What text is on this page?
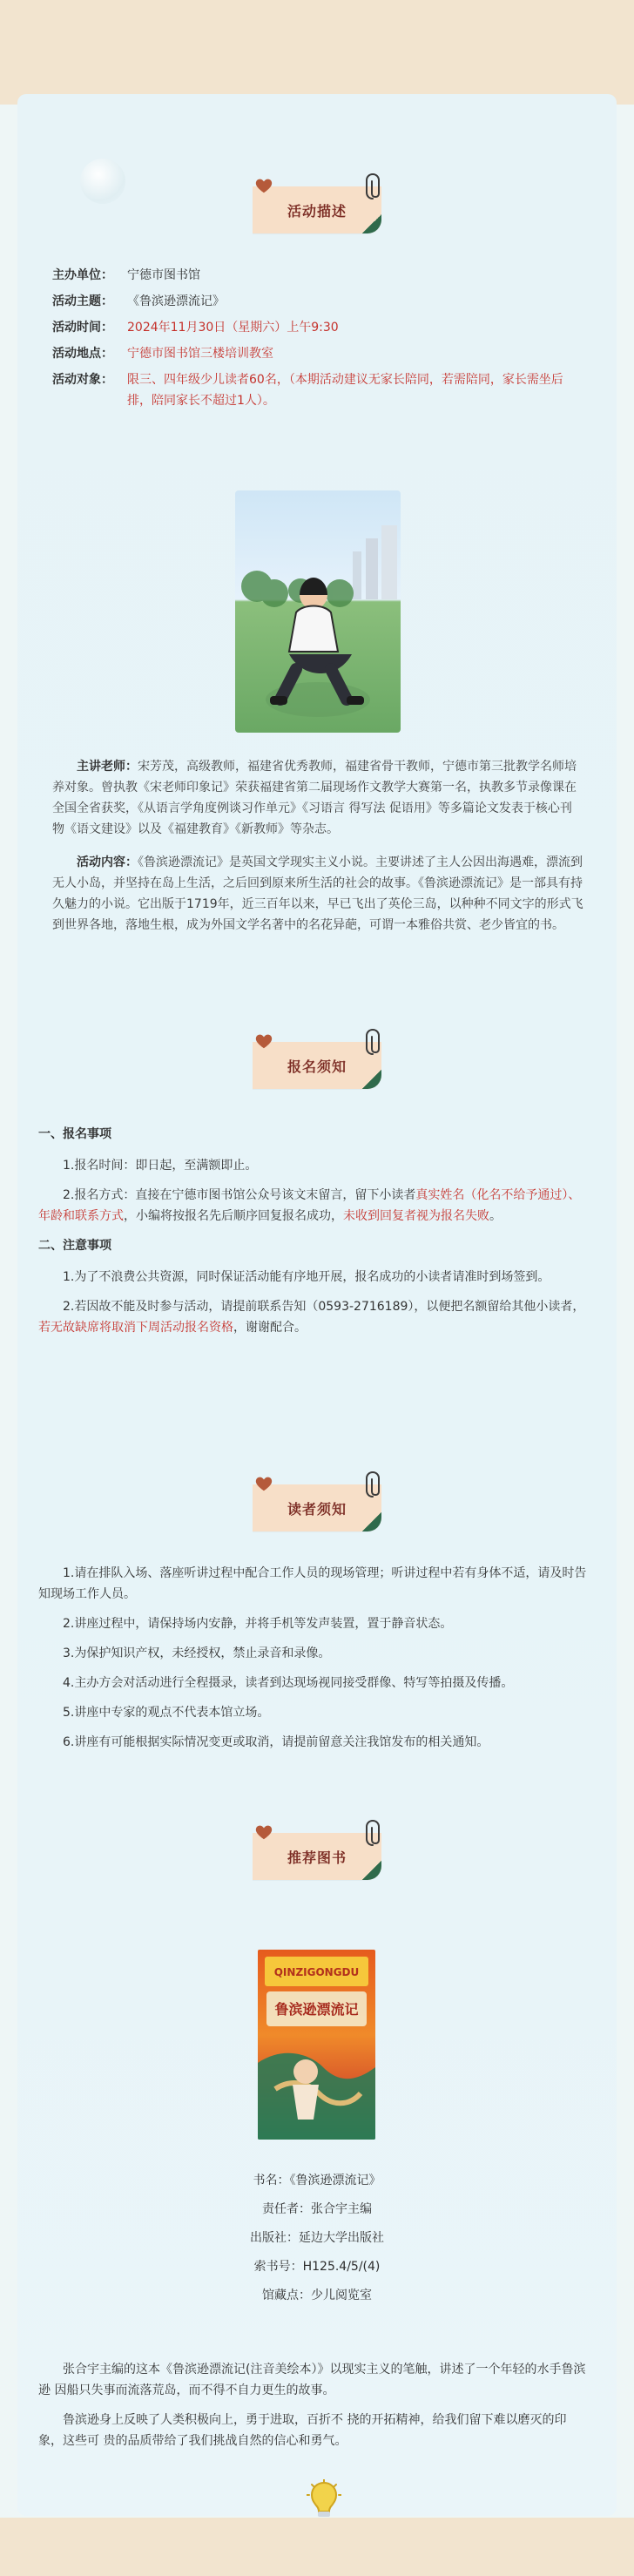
活动描述
主办单位：	宁德市图书馆
活动主题：	《鲁滨逊漂流记》
活动时间：	2024年11月30日（星期六）上午9:30
活动地点：	宁德市图书馆三楼培训教室
活动对象：	限三、四年级少儿读者60名，（本期活动建议无家长陪同，若需陪同，家长需坐后排，陪同家长不超过1人）。

主讲老师：宋芳茂，高级教师，福建省优秀教师，福建省骨干教师，宁德市第三批教学名师培养对象。曾执教《宋老师印象记》荣获福建省第二届现场作文教学大赛第一名，执教多节录像课在全国全省获奖，《从语言学角度例谈习作单元》《习语言 得写法 促语用》等多篇论文发表于核心刊物《语文建设》以及《福建教育》《新教师》等杂志。

活动内容：《鲁滨逊漂流记》是英国文学现实主义小说。主要讲述了主人公因出海遇难，漂流到无人小岛，并坚持在岛上生活，之后回到原来所生活的社会的故事。《鲁滨逊漂流记》是一部具有持久魅力的小说。它出版于1719年，近三百年以来，早已飞出了英伦三岛，以种种不同文字的形式飞到世界各地，落地生根，成为外国文学名著中的名花异葩，可谓一本雅俗共赏、老少皆宜的书。

报名须知
一、报名事项
1.报名时间：即日起，至满额即止。
2.报名方式：直接在宁德市图书馆公众号该文末留言，留下小读者真实姓名（化名不给予通过）、年龄和联系方式，小编将按报名先后顺序回复报名成功，未收到回复者视为报名失败。
二、注意事项
1.为了不浪费公共资源，同时保证活动能有序地开展，报名成功的小读者请准时到场签到。
2.若因故不能及时参与活动，请提前联系告知（0593-2716189），以便把名额留给其他小读者，若无故缺席将取消下周活动报名资格，谢谢配合。
读者须知
1.请在排队入场、落座听讲过程中配合工作人员的现场管理；听讲过程中若有身体不适，请及时告知现场工作人员。
2.讲座过程中，请保持场内安静，并将手机等发声装置，置于静音状态。
3.为保护知识产权，未经授权，禁止录音和录像。
4.主办方会对活动进行全程摄录，读者到达现场视同接受群像、特写等拍摄及传播。
5.讲座中专家的观点不代表本馆立场。
6.讲座有可能根据实际情况变更或取消，请提前留意关注我馆发布的相关通知。
推荐图书
QINZIGONGDU
鲁滨逊漂流记
书名：《鲁滨逊漂流记》
责任者：张合宇主编
出版社：延边大学出版社
索书号：H125.4/5/(4)
馆藏点：少儿阅览室
张合宇主编的这本《鲁滨逊漂流记(注音美绘本）》以现实主义的笔触，讲述了一个年轻的水手鲁滨逊 因船只失事而流落荒岛，而不得不自力更生的故事。
鲁滨逊身上反映了人类积极向上，勇于进取，百折不 挠的开拓精神，给我们留下难以磨灭的印象，这些可 贵的品质带给了我们挑战自然的信心和勇气。
